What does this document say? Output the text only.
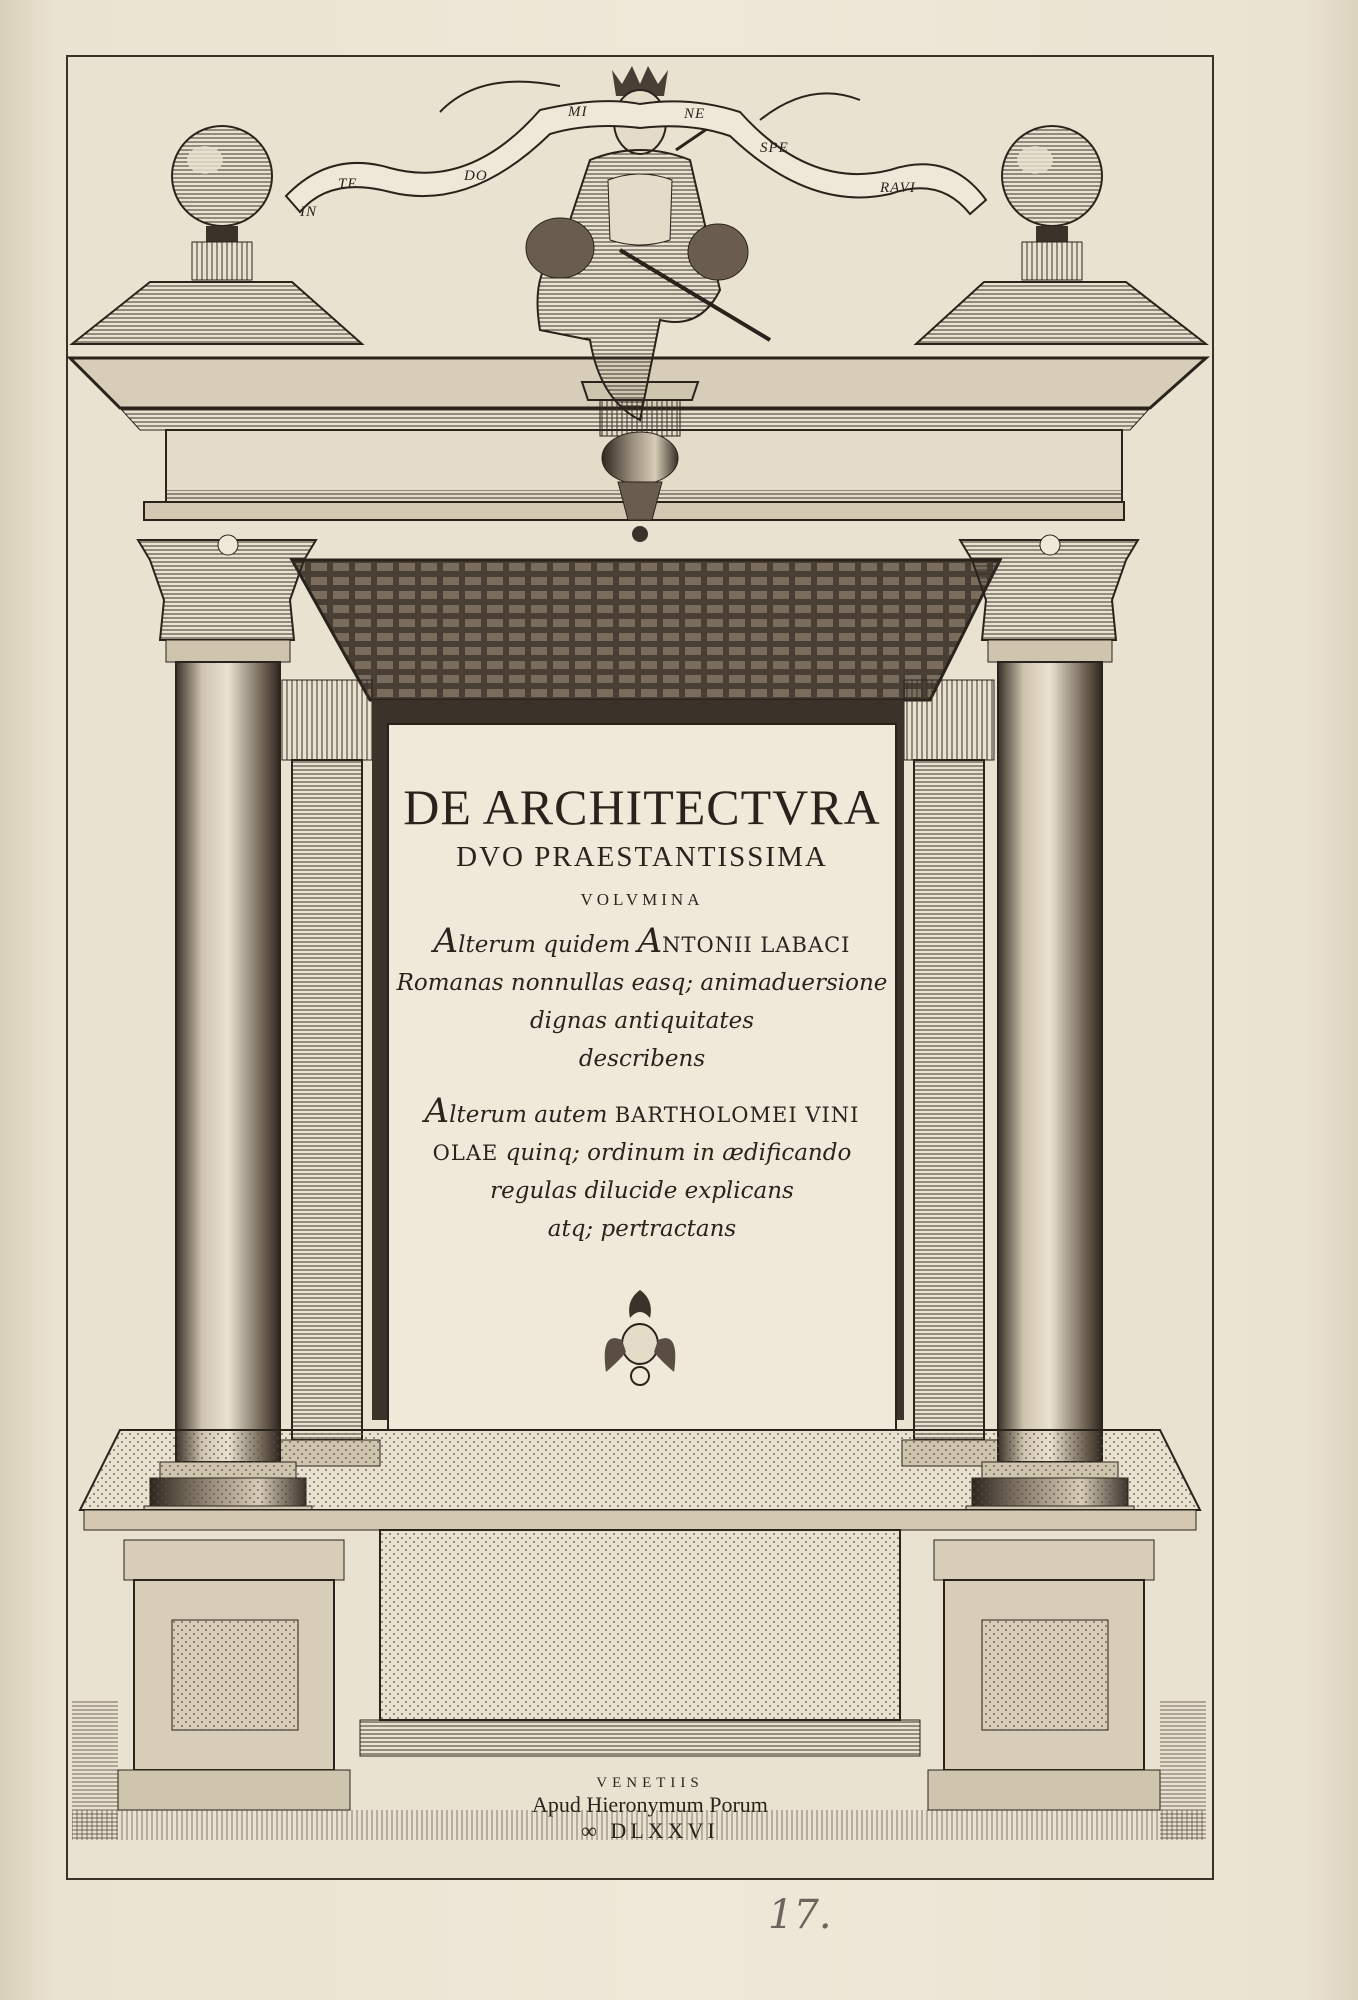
IN
TE	DO
MI	NE
SPE
RAVI
DE ARCHITECTVRA

DVO PRAESTANTISSIMA

VOLVMINA

Alterum quidem ANTONII LABACI
Romanas nonnullas easq; animaduersione
dignas antiquitates
describens

Alterum autem BARTHOLOMEI VINI
OLAE quinq; ordinum in ædificando
regulas dilucide explicans
atq; pertractans

VENETIIS

Apud Hieronymum Porum

∞ DLXXVI

17.
